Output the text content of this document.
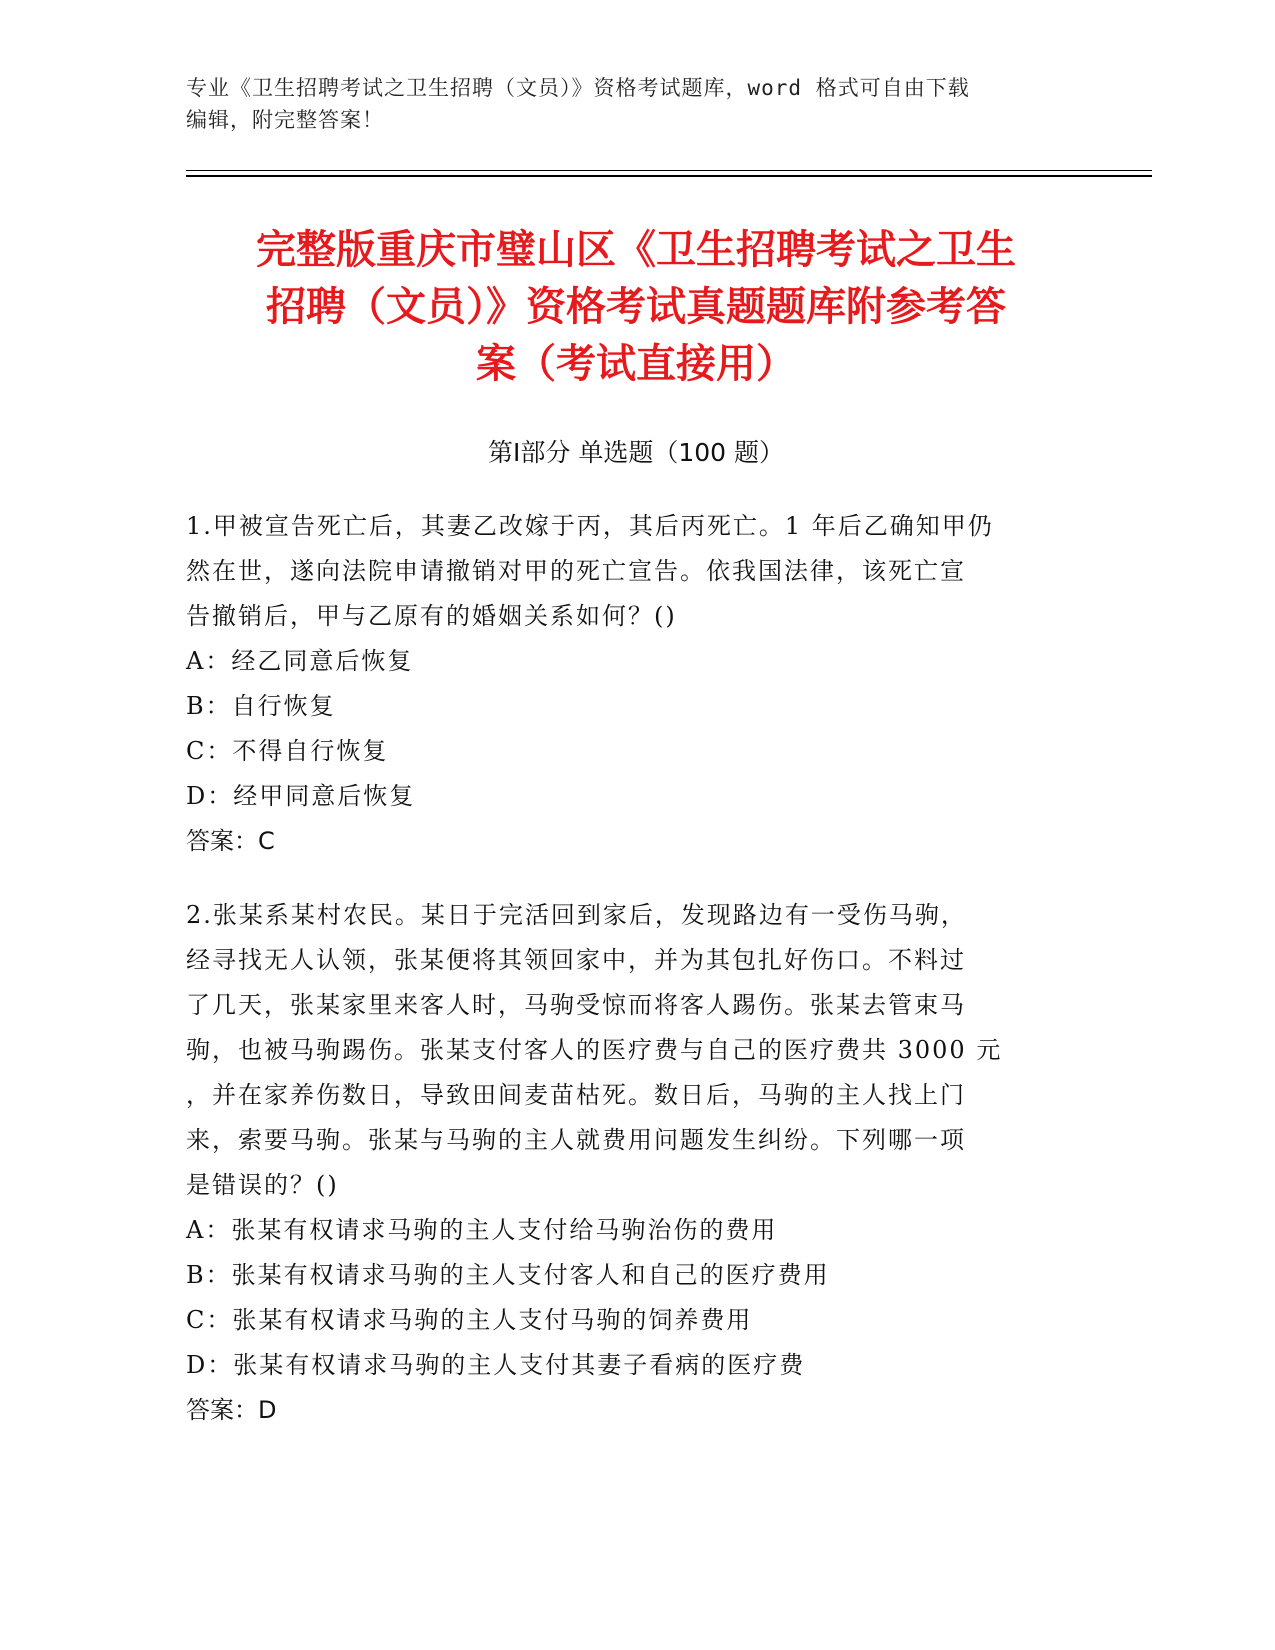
专业《卫生招聘考试之卫生招聘（文员）》资格考试题库，word 格式可自由下载
编辑，附完整答案！
完整版重庆市璧山区《卫生招聘考试之卫生
招聘（文员）》资格考试真题题库附参考答
案（考试直接用）
第Ⅰ部分 单选题（100 题）

1.甲被宣告死亡后，其妻乙改嫁于丙，其后丙死亡。1 年后乙确知甲仍

然在世，遂向法院申请撤销对甲的死亡宣告。依我国法律，该死亡宣

告撤销后，甲与乙原有的婚姻关系如何？()

A：经乙同意后恢复

B：自行恢复

C：不得自行恢复

D：经甲同意后恢复

答案：C

2.张某系某村农民。某日于完活回到家后，发现路边有一受伤马驹，

经寻找无人认领，张某便将其领回家中，并为其包扎好伤口。不料过

了几天，张某家里来客人时，马驹受惊而将客人踢伤。张某去管束马

驹，也被马驹踢伤。张某支付客人的医疗费与自己的医疗费共 3000 元

，并在家养伤数日，导致田间麦苗枯死。数日后，马驹的主人找上门

来，索要马驹。张某与马驹的主人就费用问题发生纠纷。下列哪一项

是错误的？()

A：张某有权请求马驹的主人支付给马驹治伤的费用

B：张某有权请求马驹的主人支付客人和自己的医疗费用

C：张某有权请求马驹的主人支付马驹的饲养费用

D：张某有权请求马驹的主人支付其妻子看病的医疗费

答案：D
